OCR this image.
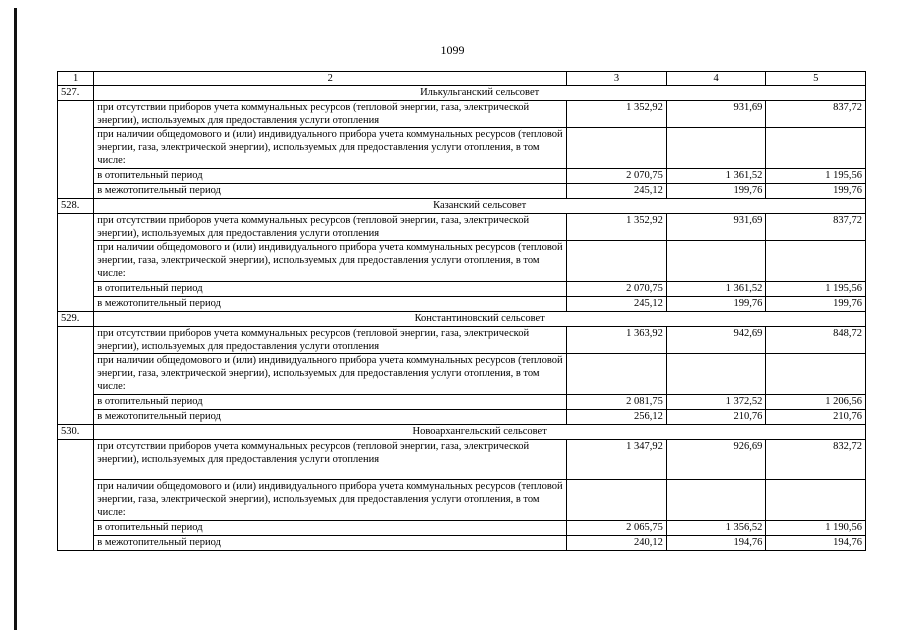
1099
1	2	3	4	5
527.	Илькульганский сельсовет			
	при отсутствии приборов учета коммунальных ресурсов (тепловой энергии, газа, электрической энергии), используемых для предоставления услуги отопления	1 352,92	931,69	837,72
	при наличии общедомового и (или) индивидуального прибора учета коммунальных ресурсов (тепловой энергии, газа, электрической энергии), используемых для предоставления услуги отопления, в том числе:			
	в отопительный период	2 070,75	1 361,52	1 195,56
	в межотопительный период	245,12	199,76	199,76
528.	Казанский сельсовет			
	при отсутствии приборов учета коммунальных ресурсов (тепловой энергии, газа, электрической энергии), используемых для предоставления услуги отопления	1 352,92	931,69	837,72
	при наличии общедомового и (или) индивидуального прибора учета коммунальных ресурсов (тепловой энергии, газа, электрической энергии), используемых для предоставления услуги отопления, в том числе:			
	в отопительный период	2 070,75	1 361,52	1 195,56
	в межотопительный период	245,12	199,76	199,76
529.	Константиновский сельсовет			
	при отсутствии приборов учета коммунальных ресурсов (тепловой энергии, газа, электрической энергии), используемых для предоставления услуги отопления	1 363,92	942,69	848,72
	при наличии общедомового и (или) индивидуального прибора учета коммунальных ресурсов (тепловой энергии, газа, электрической энергии), используемых для предоставления услуги отопления, в том числе:			
	в отопительный период	2 081,75	1 372,52	1 206,56
	в межотопительный период	256,12	210,76	210,76
530.	Новоархангельский сельсовет			
	при отсутствии приборов учета коммунальных ресурсов (тепловой энергии, газа, электрической энергии), используемых для предоставления услуги отопления	1 347,92	926,69	832,72
	при наличии общедомового и (или) индивидуального прибора учета коммунальных ресурсов (тепловой энергии, газа, электрической энергии), используемых для предоставления услуги отопления, в том числе:			
	в отопительный период	2 065,75	1 356,52	1 190,56
	в межотопительный период	240,12	194,76	194,76
